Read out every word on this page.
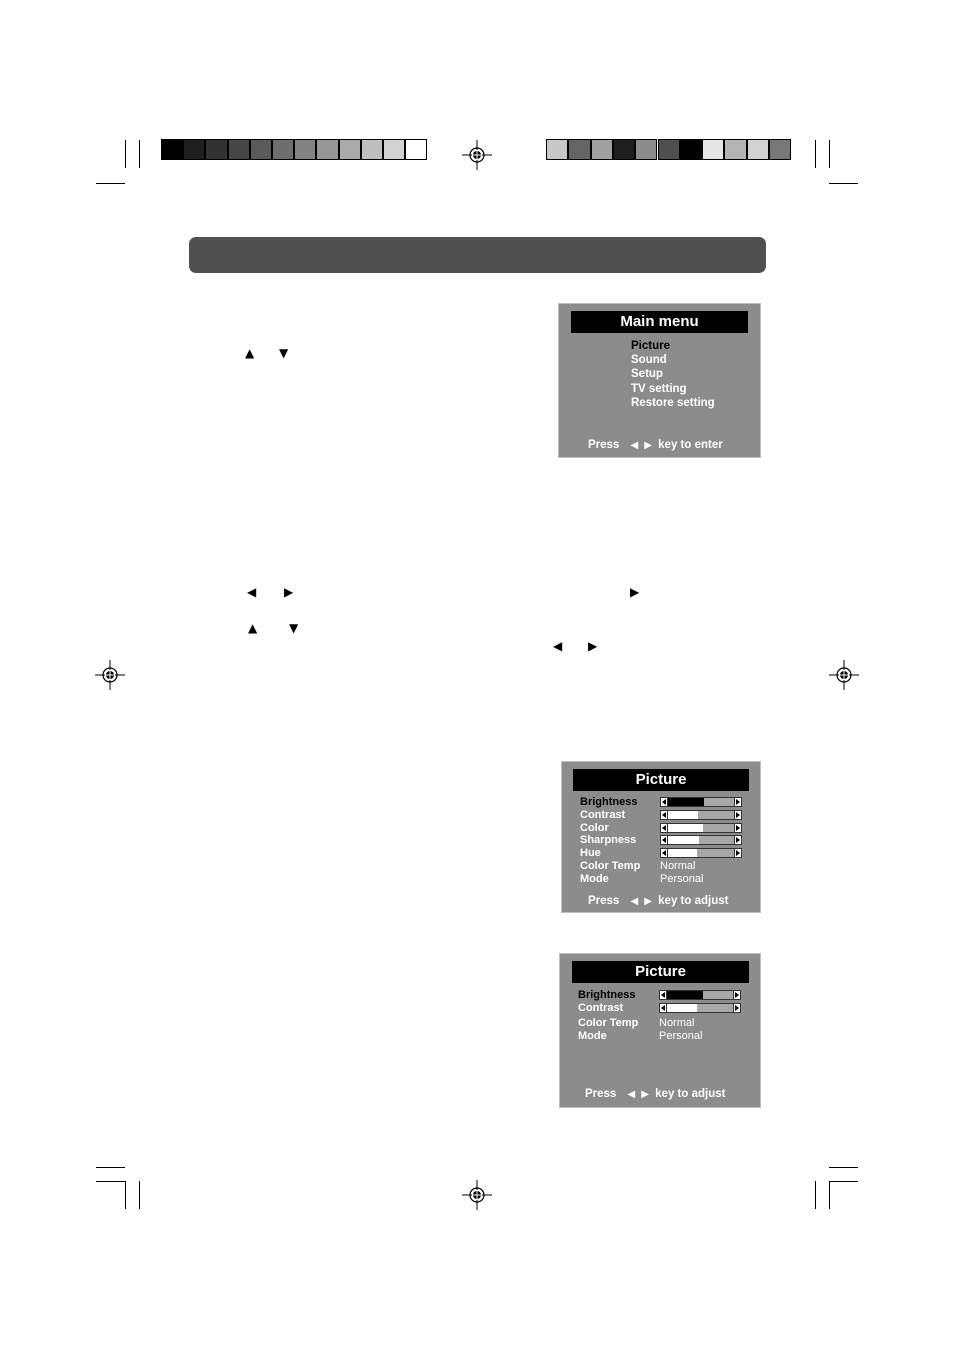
▲ ▼
◀ ▶	▶
▲	▼
◀ ▶
Main menu
Picture
Sound
Setup
TV setting
Restore setting
Press ◀ ▶ key to enter
Picture
Brightness
Contrast
Color
Sharpness
Hue
Color Temp Normal
Mode	Personal
Press ◀ ▶ key to adjust
Picture
Brightness
Contrast
Color Temp Normal
Mode	Personal
Press ◀ ▶ key to adjust
